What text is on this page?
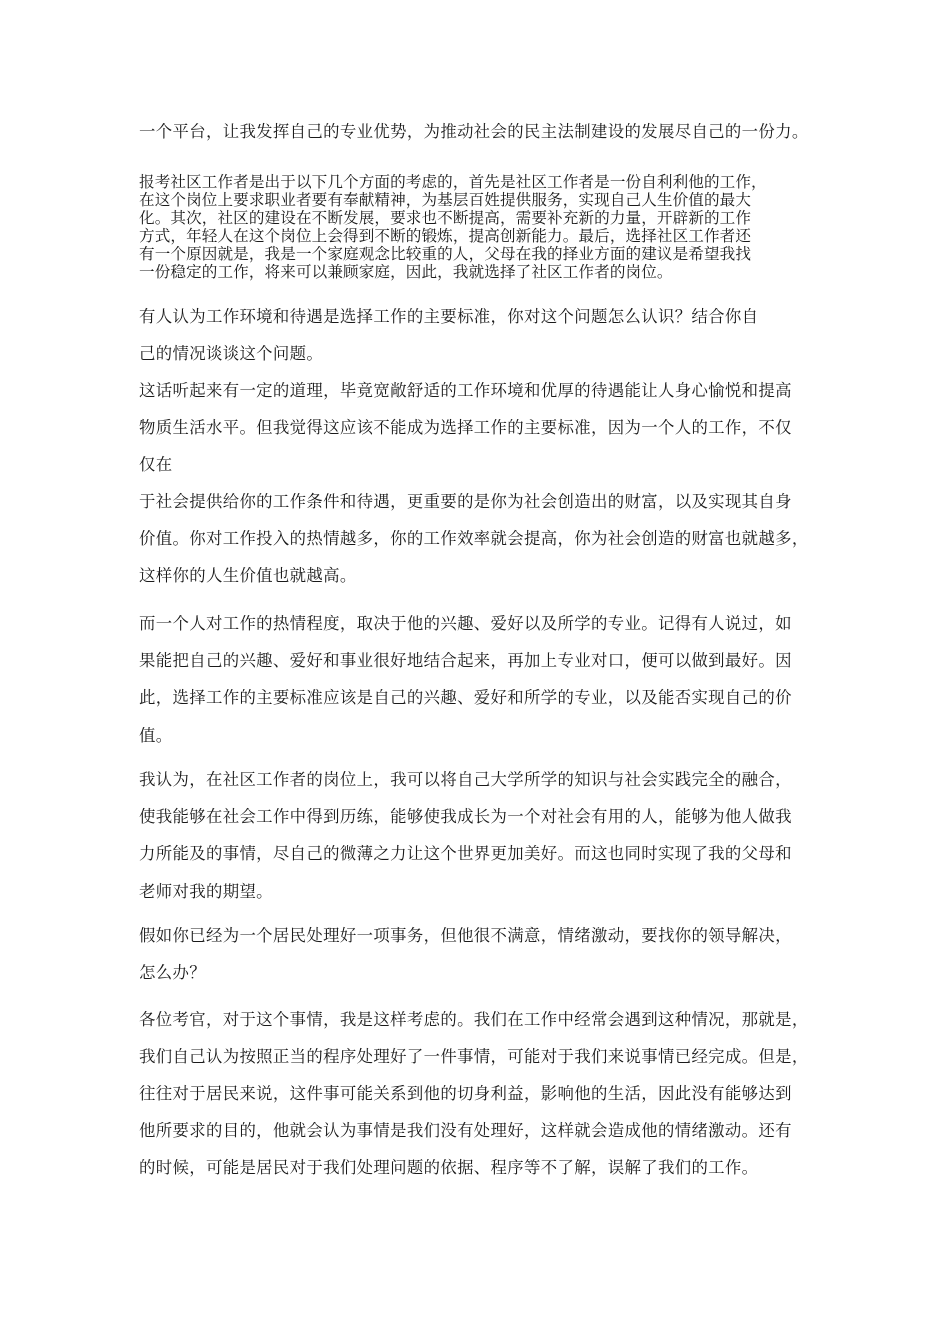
一个平台，让我发挥自己的专业优势，为推动社会的民主法制建设的发展尽自己的一份力。
报考社区工作者是出于以下几个方面的考虑的，首先是社区工作者是一份自利利他的工作，
在这个岗位上要求职业者要有奉献精神，为基层百姓提供服务，实现自己人生价值的最大
化。其次，社区的建设在不断发展，要求也不断提高，需要补充新的力量，开辟新的工作
方式，年轻人在这个岗位上会得到不断的锻炼，提高创新能力。最后，选择社区工作者还
有一个原因就是，我是一个家庭观念比较重的人，父母在我的择业方面的建议是希望我找
一份稳定的工作，将来可以兼顾家庭，因此，我就选择了社区工作者的岗位。
有人认为工作环境和待遇是选择工作的主要标准，你对这个问题怎么认识？结合你自
己的情况谈谈这个问题。
这话听起来有一定的道理，毕竟宽敞舒适的工作环境和优厚的待遇能让人身心愉悦和提高
物质生活水平。但我觉得这应该不能成为选择工作的主要标准，因为一个人的工作，不仅
仅在
于社会提供给你的工作条件和待遇，更重要的是你为社会创造出的财富，以及实现其自身
价值。你对工作投入的热情越多，你的工作效率就会提高，你为社会创造的财富也就越多，
这样你的人生价值也就越高。
而一个人对工作的热情程度，取决于他的兴趣、爱好以及所学的专业。记得有人说过，如
果能把自己的兴趣、爱好和事业很好地结合起来，再加上专业对口，便可以做到最好。因
此，选择工作的主要标准应该是自己的兴趣、爱好和所学的专业，以及能否实现自己的价
值。
我认为，在社区工作者的岗位上，我可以将自己大学所学的知识与社会实践完全的融合，
使我能够在社会工作中得到历练，能够使我成长为一个对社会有用的人，能够为他人做我
力所能及的事情，尽自己的微薄之力让这个世界更加美好。而这也同时实现了我的父母和
老师对我的期望。
假如你已经为一个居民处理好一项事务，但他很不满意，情绪激动，要找你的领导解决，
怎么办？
各位考官，对于这个事情，我是这样考虑的。我们在工作中经常会遇到这种情况，那就是，
我们自己认为按照正当的程序处理好了一件事情，可能对于我们来说事情已经完成。但是，
往往对于居民来说，这件事可能关系到他的切身利益，影响他的生活，因此没有能够达到
他所要求的目的，他就会认为事情是我们没有处理好，这样就会造成他的情绪激动。还有
的时候，可能是居民对于我们处理问题的依据、程序等不了解，误解了我们的工作。
